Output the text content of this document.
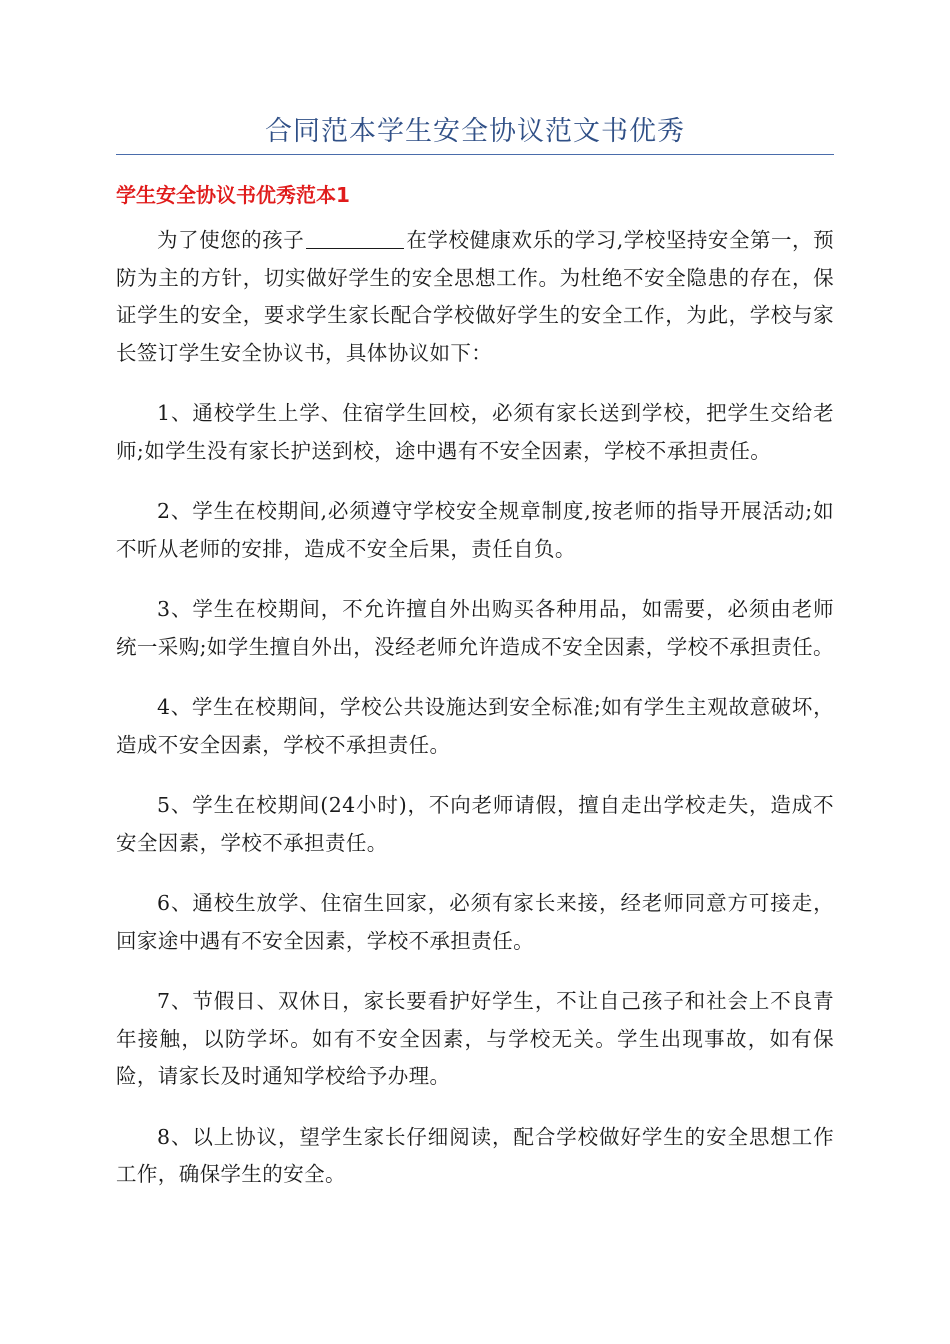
合同范本学生安全协议范文书优秀
学生安全协议书优秀范本1

为了使您的孩子	在学校健康欢乐的学习,学校坚持安全第一，预防为主的方针，切实做好学生的安全思想工作。为杜绝不安全隐患的存在，保证学生的安全，要求学生家长配合学校做好学生的安全工作，为此，学校与家长签订学生安全协议书，具体协议如下：

1、通校学生上学、住宿学生回校，必须有家长送到学校，把学生交给老师;如学生没有家长护送到校，途中遇有不安全因素，学校不承担责任。

2、学生在校期间,必须遵守学校安全规章制度,按老师的指导开展活动;如不听从老师的安排，造成不安全后果，责任自负。

3、学生在校期间，不允许擅自外出购买各种用品，如需要，必须由老师统一采购;如学生擅自外出，没经老师允许造成不安全因素，学校不承担责任。

4、学生在校期间，学校公共设施达到安全标准;如有学生主观故意破坏，造成不安全因素，学校不承担责任。

5、学生在校期间(24小时)，不向老师请假，擅自走出学校走失，造成不安全因素，学校不承担责任。

6、通校生放学、住宿生回家，必须有家长来接，经老师同意方可接走，回家途中遇有不安全因素，学校不承担责任。

7、节假日、双休日，家长要看护好学生，不让自己孩子和社会上不良青年接触，以防学坏。如有不安全因素，与学校无关。学生出现事故，如有保险，请家长及时通知学校给予办理。

8、以上协议，望学生家长仔细阅读，配合学校做好学生的安全思想工作工作，确保学生的安全。
